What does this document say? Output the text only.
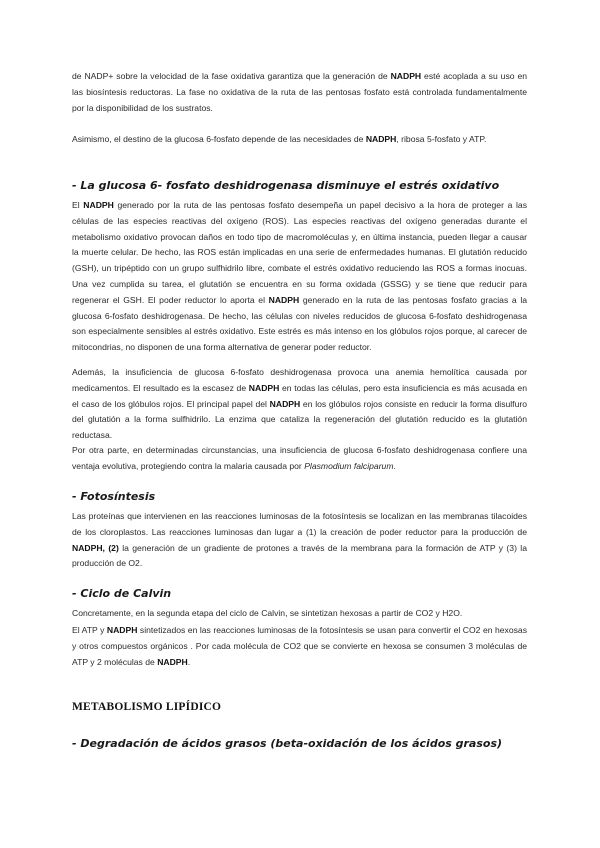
de NADP+ sobre la velocidad de la fase oxidativa garantiza que la generación de NADPH esté acoplada a su uso en las biosíntesis reductoras. La fase no oxidativa de la ruta de las pentosas fosfato está controlada fundamentalmente por la disponibilidad de los sustratos.

Asimismo, el destino de la glucosa 6-fosfato depende de las necesidades de NADPH, ribosa 5-fosfato y ATP.

- La glucosa 6- fosfato deshidrogenasa disminuye el estrés oxidativo

El NADPH generado por la ruta de las pentosas fosfato desempeña un papel decisivo a la hora de proteger a las células de las especies reactivas del oxígeno (ROS). Las especies reactivas del oxígeno generadas durante el metabolismo oxidativo provocan daños en todo tipo de macromoléculas y, en última instancia, pueden llegar a causar la muerte celular. De hecho, las ROS están implicadas en una serie de enfermedades humanas. El glutatión reducido (GSH), un tripéptido con un grupo sulfhidrilo libre, combate el estrés oxidativo reduciendo las ROS a formas inocuas. Una vez cumplida su tarea, el glutatión se encuentra en su forma oxidada (GSSG) y se tiene que reducir para regenerar el GSH. El poder reductor lo aporta el NADPH generado en la ruta de las pentosas fosfato gracias a la glucosa 6-fosfato deshidrogenasa. De hecho, las células con niveles reducidos de glucosa 6-fosfato deshidrogenasa son especialmente sensibles al estrés oxidativo. Este estrés es más intenso en los glóbulos rojos porque, al carecer de mitocondrias, no disponen de una forma alternativa de generar poder reductor.

Además, la insuficiencia de glucosa 6-fosfato deshidrogenasa provoca una anemia hemolítica causada por medicamentos. El resultado es la escasez de NADPH en todas las células, pero esta insuficiencia es más acusada en el caso de los glóbulos rojos. El principal papel del NADPH en los glóbulos rojos consiste en reducir la forma disulfuro del glutatión a la forma sulfhidrilo. La enzima que cataliza la regeneración del glutatión reducido es la glutatión reductasa.

Por otra parte, en determinadas circunstancias, una insuficiencia de glucosa 6-fosfato deshidrogenasa confiere una ventaja evolutiva, protegiendo contra la malaria causada por Plasmodium falciparum.

- Fotosíntesis

Las proteínas que intervienen en las reacciones luminosas de la fotosíntesis se localizan en las membranas tilacoides de los cloroplastos. Las reacciones luminosas dan lugar a (1) la creación de poder reductor para la producción de NADPH, (2) la generación de un gradiente de protones a través de la membrana para la formación de ATP y (3) la producción de O2.

- Ciclo de Calvin

Concretamente, en la segunda etapa del ciclo de Calvin, se sintetizan hexosas a partir de CO2 y H2O.

El ATP y NADPH sintetizados en las reacciones luminosas de la fotosíntesis se usan para convertir el CO2 en hexosas y otros compuestos orgánicos . Por cada molécula de CO2 que se convierte en hexosa se consumen 3 moléculas de ATP y 2 moléculas de NADPH.

METABOLISMO LIPÍDICO
- Degradación de ácidos grasos (beta-oxidación de los ácidos grasos)
